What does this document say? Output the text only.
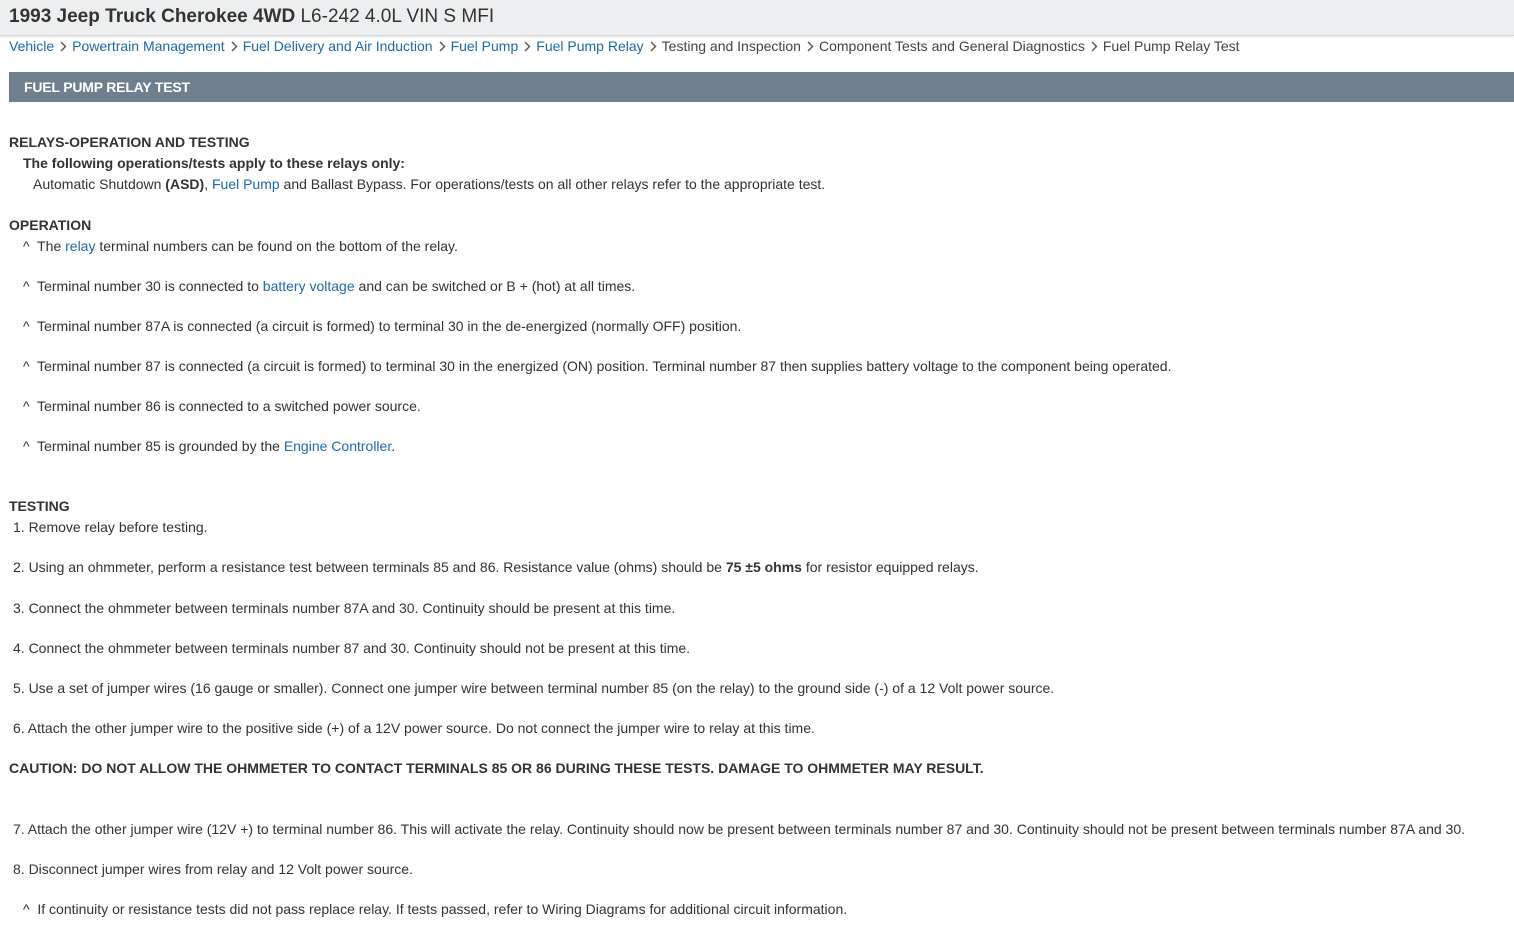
1993 Jeep Truck Cherokee 4WD L6-242 4.0L VIN S MFI
Vehicle Powertrain Management Fuel Delivery and Air Induction Fuel Pump Fuel Pump Relay Testing and Inspection Component Tests and General Diagnostics Fuel Pump Relay Test
FUEL PUMP RELAY TEST
RELAYS-OPERATION AND TESTING
The following operations/tests apply to these relays only:
Automatic Shutdown (ASD), Fuel Pump and Ballast Bypass. For operations/tests on all other relays refer to the appropriate test.
OPERATION
^ The relay terminal numbers can be found on the bottom of the relay.
^ Terminal number 30 is connected to battery voltage and can be switched or B + (hot) at all times.
^ Terminal number 87A is connected (a circuit is formed) to terminal 30 in the de-energized (normally OFF) position.
^ Terminal number 87 is connected (a circuit is formed) to terminal 30 in the energized (ON) position. Terminal number 87 then supplies battery voltage to the component being operated.
^ Terminal number 86 is connected to a switched power source.
^ Terminal number 85 is grounded by the Engine Controller.
TESTING
1. Remove relay before testing.
2. Using an ohmmeter, perform a resistance test between terminals 85 and 86. Resistance value (ohms) should be 75 ±5 ohms for resistor equipped relays.
3. Connect the ohmmeter between terminals number 87A and 30. Continuity should be present at this time.
4. Connect the ohmmeter between terminals number 87 and 30. Continuity should not be present at this time.
5. Use a set of jumper wires (16 gauge or smaller). Connect one jumper wire between terminal number 85 (on the relay) to the ground side (-) of a 12 Volt power source.
6. Attach the other jumper wire to the positive side (+) of a 12V power source. Do not connect the jumper wire to relay at this time.
CAUTION: DO NOT ALLOW THE OHMMETER TO CONTACT TERMINALS 85 OR 86 DURING THESE TESTS. DAMAGE TO OHMMETER MAY RESULT.
7. Attach the other jumper wire (12V +) to terminal number 86. This will activate the relay. Continuity should now be present between terminals number 87 and 30. Continuity should not be present between terminals number 87A and 30.
8. Disconnect jumper wires from relay and 12 Volt power source.
^ If continuity or resistance tests did not pass replace relay. If tests passed, refer to Wiring Diagrams for additional circuit information.
